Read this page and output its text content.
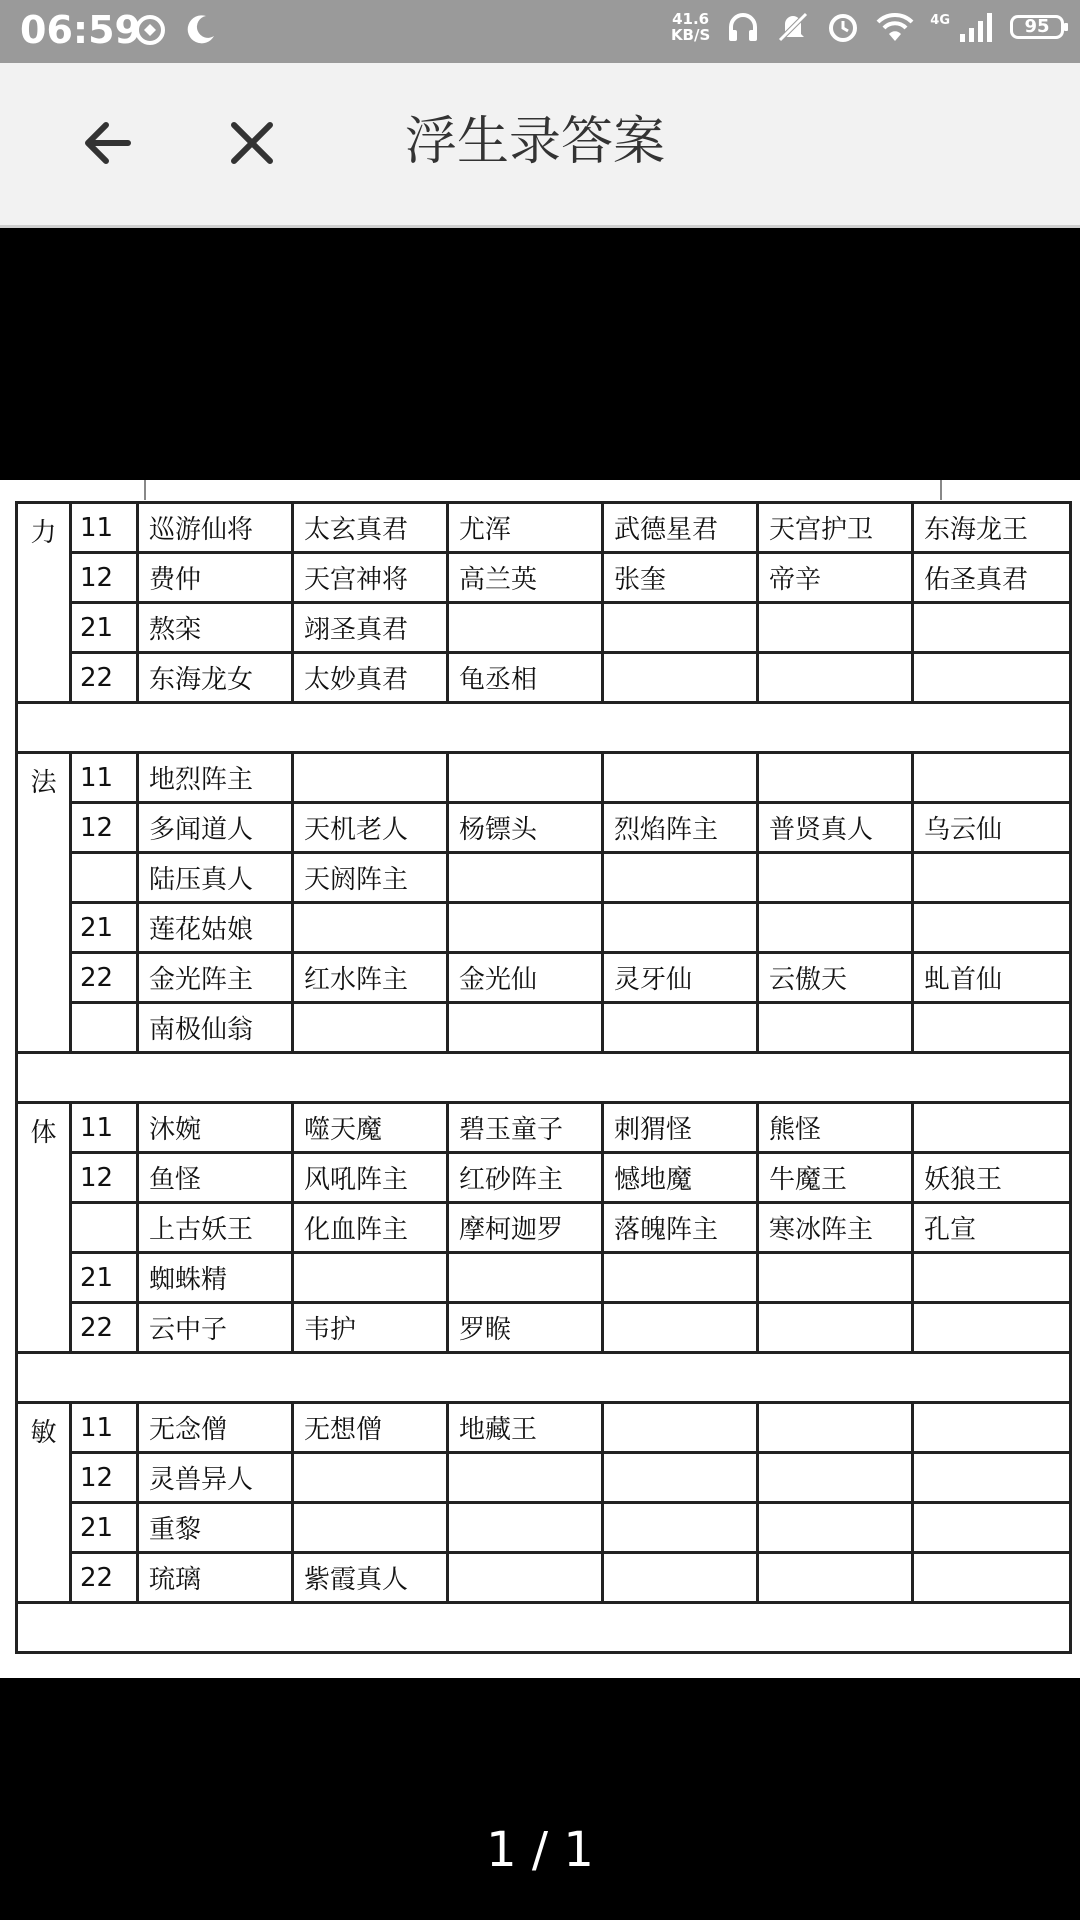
06:59	41.6
KB/S
4G	95
浮生录答案
力	11	巡游仙将	太玄真君	尤浑	武德星君	天宫护卫	东海龙王
	12	费仲	天宫神将	高兰英	张奎	帝辛	佑圣真君
	21	熬栾	翊圣真君				
	22	东海龙女	太妙真君	龟丞相			

法	11	地烈阵主					
	12	多闻道人	天机老人	杨镖头	烈焰阵主	普贤真人	乌云仙
		陆压真人	天阏阵主				
	21	莲花姑娘					
	22	金光阵主	红水阵主	金光仙	灵牙仙	云傲天	虬首仙
		南极仙翁					

体	11	沐婉	噬天魔	碧玉童子	刺猬怪	熊怪	
	12	鱼怪	风吼阵主	红砂阵主	憾地魔	牛魔王	妖狼王
		上古妖王	化血阵主	摩柯迦罗	落魄阵主	寒冰阵主	孔宣
	21	蜘蛛精					
	22	云中子	韦护	罗睺			

敏	11	无念僧	无想僧	地藏王			
	12	灵兽异人					
	21	重黎					
	22	琉璃	紫霞真人				

1 / 1
